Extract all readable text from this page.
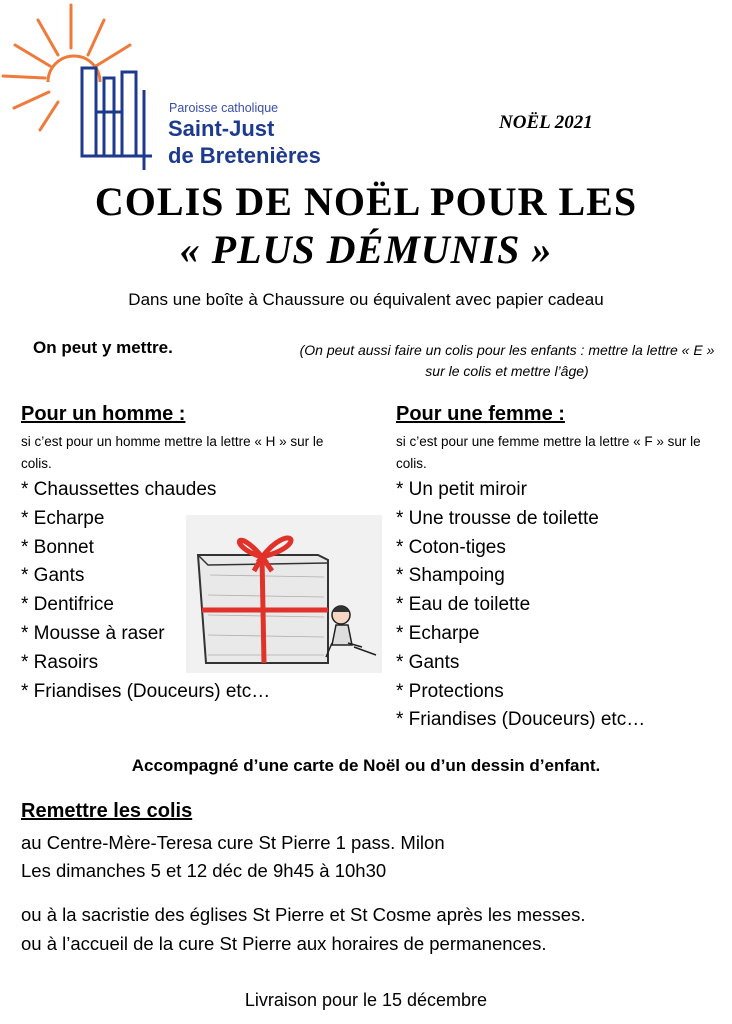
Paroisse catholique
Saint-Just
de Bretenières
NOËL 2021
COLIS DE NOËL POUR LES
« PLUS DÉMUNIS »
Dans une boîte à Chaussure ou équivalent avec papier cadeau
On peut y mettre.	(On peut aussi faire un colis pour les enfants : mettre la lettre « E » sur le colis et mettre l’âge)
Pour un homme :
si c’est pour un homme mettre la lettre « H » sur le colis.
* Chaussettes chaudes
* Echarpe
* Bonnet
* Gants
* Dentifrice
* Mousse à raser
* Rasoirs
* Friandises (Douceurs) etc…
Pour une femme :
si c’est pour une femme mettre la lettre « F » sur le colis.
* Un petit miroir
* Une trousse de toilette
* Coton-tiges
* Shampoing
* Eau de toilette
* Echarpe
* Gants
* Protections
* Friandises (Douceurs) etc…
Accompagné d’une carte de Noël ou d’un dessin d’enfant.
Remettre les colis
au Centre-Mère-Teresa cure St Pierre 1 pass. Milon
Les dimanches 5 et 12 déc de 9h45 à 10h30
ou à la sacristie des églises St Pierre et St Cosme après les messes.
ou à l’accueil de la cure St Pierre aux horaires de permanences.
Livraison pour le 15 décembre
